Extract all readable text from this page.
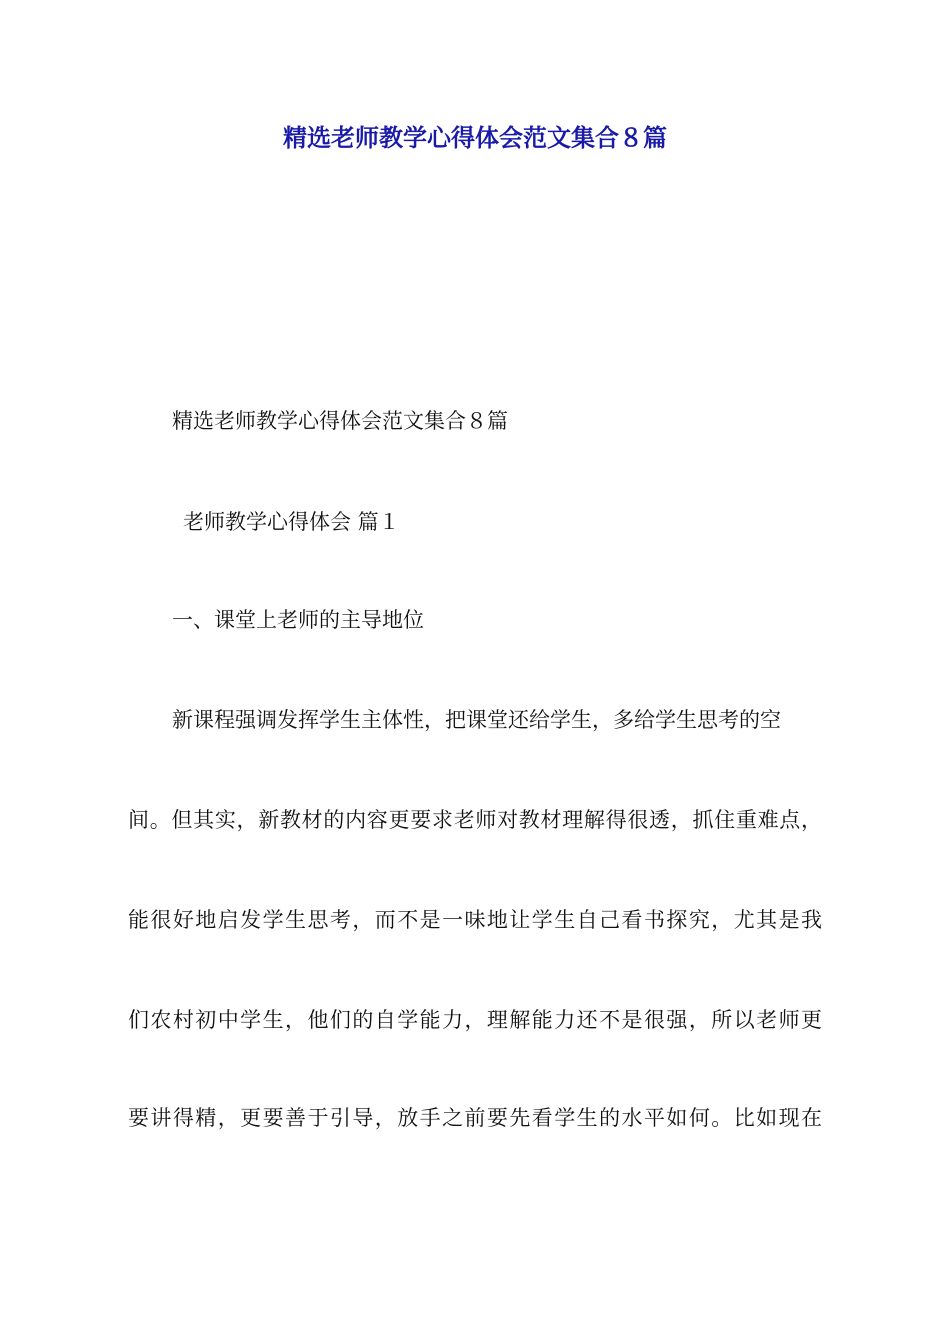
精选老师教学心得体会范文集合８篇

精选老师教学心得体会范文集合８篇

老师教学心得体会 篇１

一、课堂上老师的主导地位

新课程强调发挥学生主体性，把课堂还给学生，多给学生思考的空

间。但其实，新教材的内容更要求老师对教材理解得很透，抓住重难点，

能很好地启发学生思考，而不是一味地让学生自己看书探究，尤其是我

们农村初中学生，他们的自学能力，理解能力还不是很强，所以老师更

要讲得精，更要善于引导，放手之前要先看学生的水平如何。比如现在
